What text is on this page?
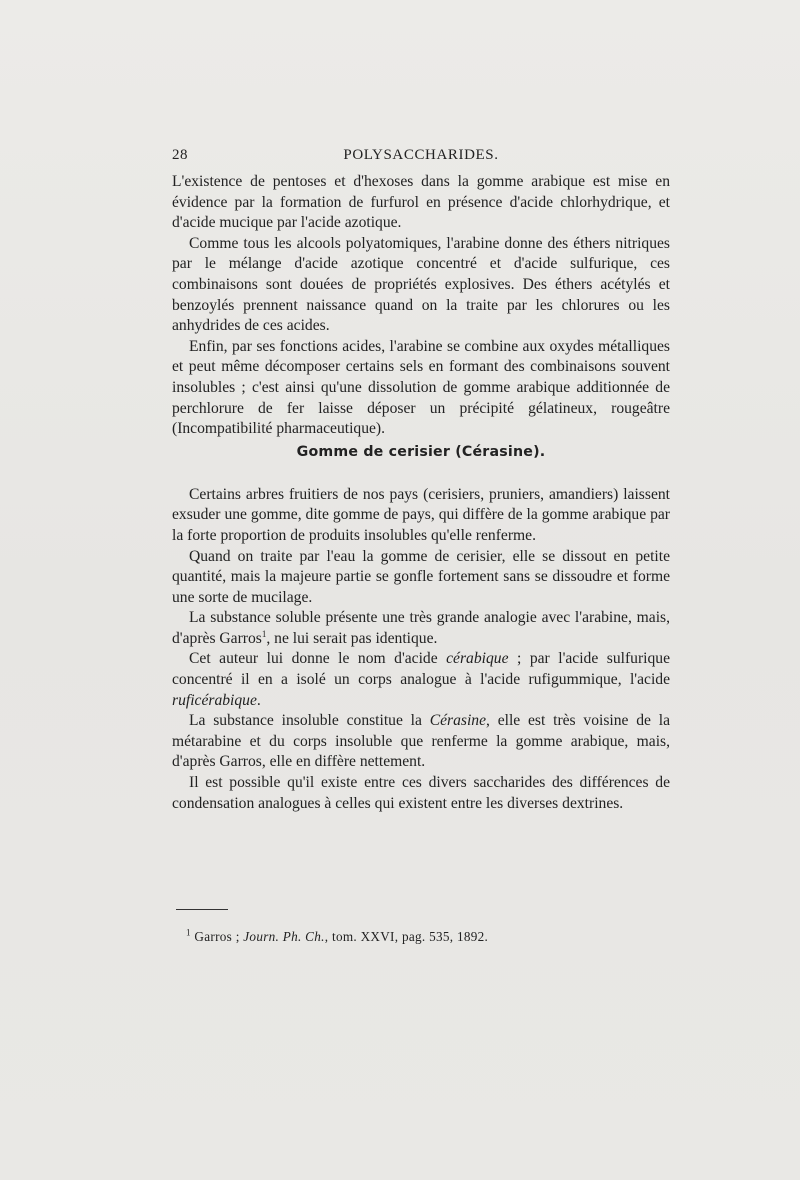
28	POLYSACCHARIDES.

L'existence de pentoses et d'hexoses dans la gomme arabique est mise en évidence par la formation de furfurol en présence d'acide chlorhydrique, et d'acide mucique par l'acide azotique.

Comme tous les alcools polyatomiques, l'arabine donne des éthers nitriques par le mélange d'acide azotique concentré et d'acide sulfurique, ces combinaisons sont douées de propriétés explosives. Des éthers acétylés et benzoylés prennent naissance quand on la traite par les chlorures ou les anhydrides de ces acides.

Enfin, par ses fonctions acides, l'arabine se combine aux oxydes métalliques et peut même décomposer certains sels en formant des combinaisons souvent insolubles ; c'est ainsi qu'une dissolution de gomme arabique additionnée de perchlorure de fer laisse déposer un précipité gélatineux, rougeâtre (Incompatibilité pharmaceutique).

Gomme de cerisier (Cérasine).

Certains arbres fruitiers de nos pays (cerisiers, pruniers, amandiers) laissent exsuder une gomme, dite gomme de pays, qui diffère de la gomme arabique par la forte proportion de produits insolubles qu'elle renferme.

Quand on traite par l'eau la gomme de cerisier, elle se dissout en petite quantité, mais la majeure partie se gonfle fortement sans se dissoudre et forme une sorte de mucilage.

La substance soluble présente une très grande analogie avec l'arabine, mais, d'après Garros$^1$, ne lui serait pas identique.

Cet auteur lui donne le nom d'acide cérabique ; par l'acide sulfurique concentré il en a isolé un corps analogue à l'acide rufigummique, l'acide ruficérabique.

La substance insoluble constitue la Cérasine, elle est très voisine de la métarabine et du corps insoluble que renferme la gomme arabique, mais, d'après Garros, elle en diffère nettement.

Il est possible qu'il existe entre ces divers saccharides des différences de condensation analogues à celles qui existent entre les diverses dextrines.

$^1$ Garros ; Journ. Ph. Ch., tom. XXVI, pag. 535, 1892.
